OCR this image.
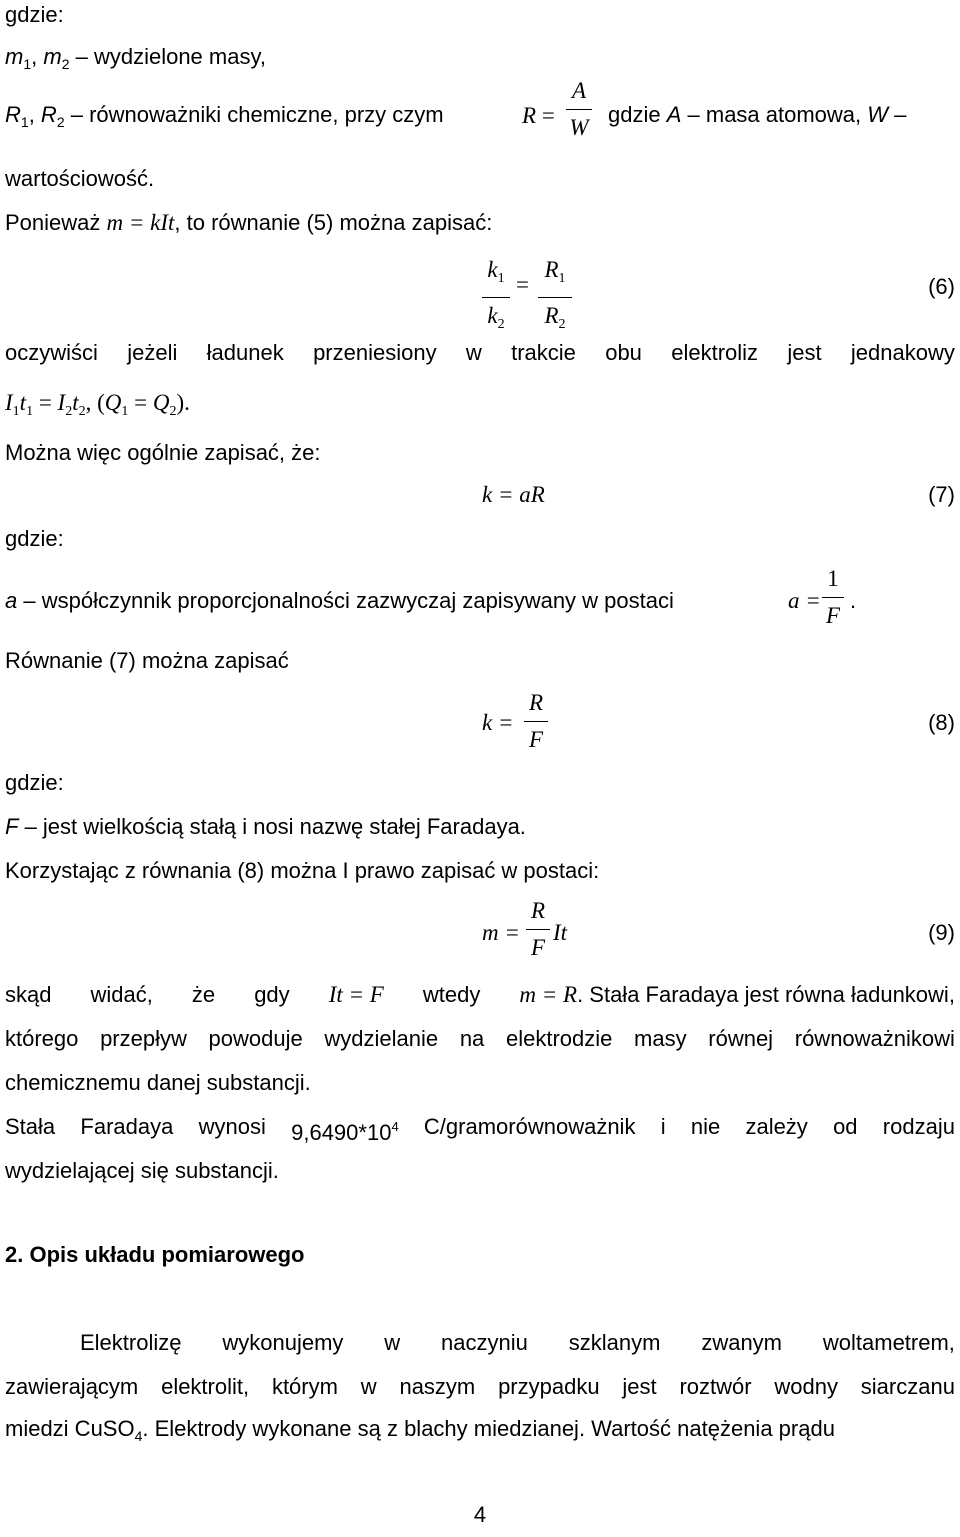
gdzie:
$m_1$, $m_2$ – wydzielone masy,
$R_1$, $R_2$ – równoważniki chemiczne, przy czym	R =
A
W
gdzie A – masa atomowa, W –
wartościowość.
Ponieważ m = kIt, to równanie (5) można zapisać:
$k_1$
$k_2$
=
$R_1$
$R_2$
(6)
oczywiści jeżeli ładunek przeniesiony w trakcie obu elektroliz jest jednakowy
$I_1t_1 = I_2t_2$, $(Q_1 = Q_2)$.
Można więc ogólnie zapisać, że:
k = aR	(7)
gdzie:
a – współczynnik proporcjonalności zazwyczaj zapisywany w postaci	a =
1
F
.
Równanie (7) można zapisać
k =
R
F
(8)
gdzie:
F – jest wielkością stałą i nosi nazwę stałej Faradaya.
Korzystając z równania (8) można I prawo zapisać w postaci:
m =
R
F
It	(9)
skąd widać, że gdy It = F wtedy m = R. Stała Faradaya jest równa ładunkowi,
którego przepływ powoduje wydzielanie na elektrodzie masy równej równoważnikowi
chemicznemu danej substancji.
Stała Faradaya wynosi $9,6490*10^4$ C/gramorównoważnik i nie zależy od rodzaju
wydzielającej się substancji.
2. Opis układu pomiarowego
Elektrolizę wykonujemy w naczyniu szklanym zwanym woltametrem,
zawierającym elektrolit, którym w naszym przypadku jest roztwór wodny siarczanu
miedzi CuSO$_4$. Elektrody wykonane są z blachy miedzianej. Wartość natężenia prądu
4
